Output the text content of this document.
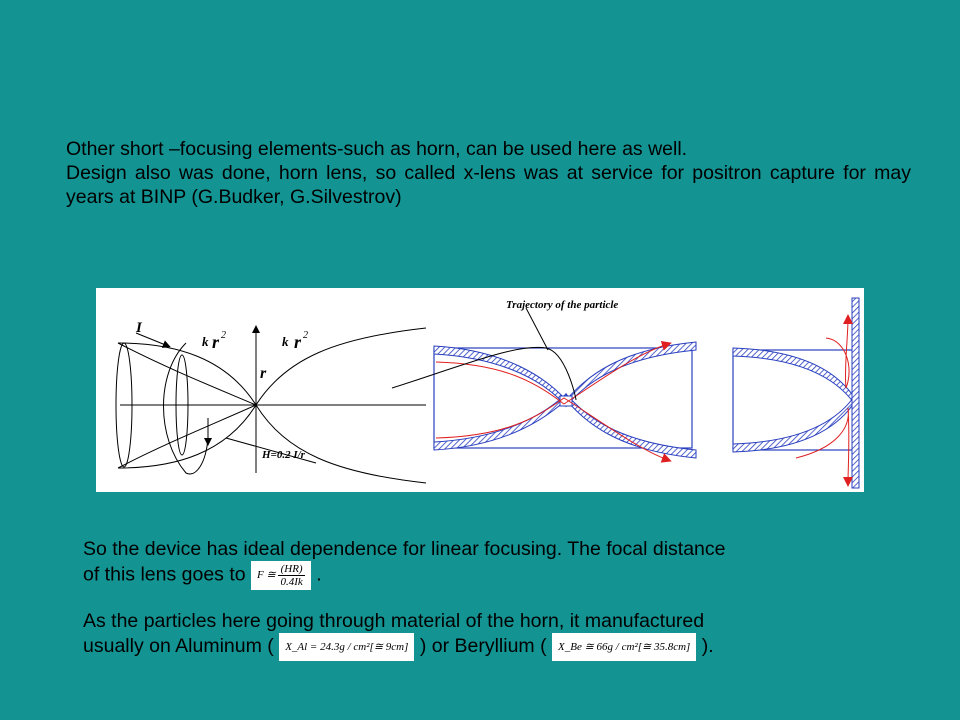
Other short –focusing elements-such as horn, can be used here as well.

Design also was done, horn lens, so called x-lens was at service for positron capture for may years at BINP (G.Budker, G.Silvestrov)

I
k r 2	k r 2
r
H=0.2 I/r
Trajectory of the particle
So the device has ideal dependence for linear focusing. The focal distance
of this lens goes to F ≅ $\frac{(HR)}{0.4Ik}$ .
As the particles here going through material of the horn, it manufactured
usually on Aluminum ( X_Al = 24.3g / cm²[≅ 9cm] ) or Beryllium ( X_Be ≅ 66g / cm²[≅ 35.8cm] ).
